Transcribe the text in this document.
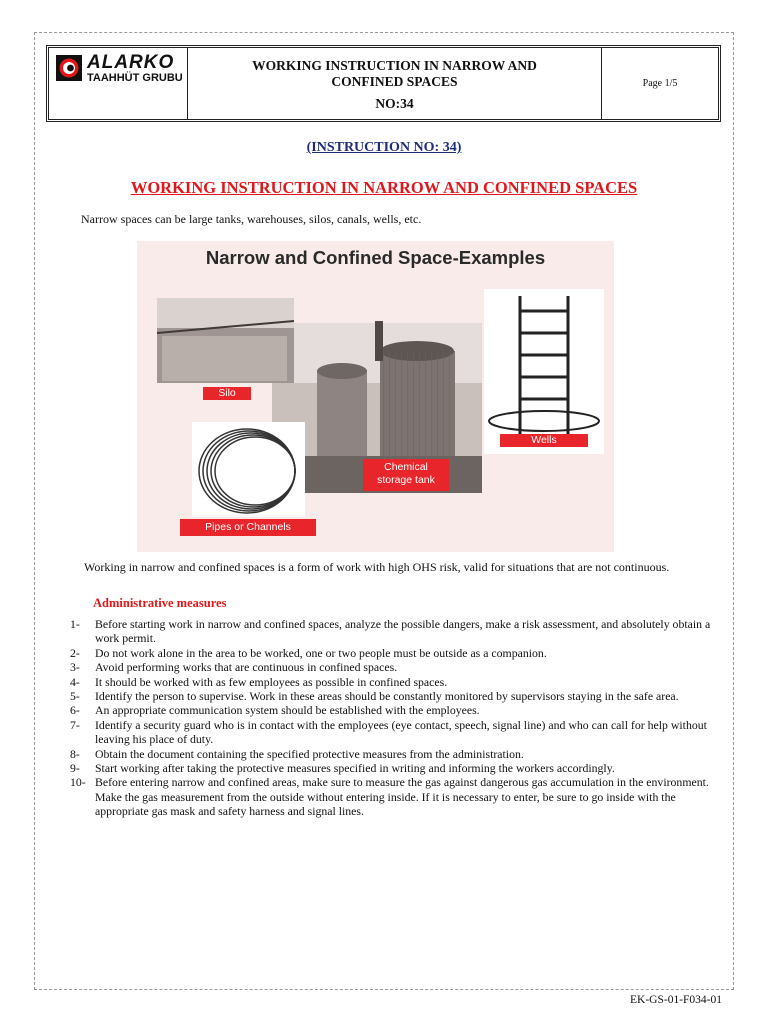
ALARKO
TAAHHÜT GRUBU
WORKING INSTRUCTION IN NARROW AND
CONFINED SPACES
NO:34
Page 1/5
(INSTRUCTION NO: 34)
WORKING INSTRUCTION IN NARROW AND CONFINED SPACES
Narrow spaces can be large tanks, warehouses, silos, canals, wells, etc.
Narrow and Confined Space-Examples
Silo
Wells
Chemical
storage tank
Pipes or Channels
Working in narrow and confined spaces is a form of work with high OHS risk, valid for situations that are not continuous.
Administrative measures
1-	Before starting work in narrow and confined spaces, analyze the possible dangers, make a risk assessment, and absolutely obtain a work permit.
2-	Do not work alone in the area to be worked, one or two people must be outside as a companion.
3-	Avoid performing works that are continuous in confined spaces.
4-	It should be worked with as few employees as possible in confined spaces.
5-	Identify the person to supervise. Work in these areas should be constantly monitored by supervisors staying in the safe area.
6-	An appropriate communication system should be established with the employees.
7-	Identify a security guard who is in contact with the employees (eye contact, speech, signal line) and who can call for help without leaving his place of duty.
8-	Obtain the document containing the specified protective measures from the administration.
9-	Start working after taking the protective measures specified in writing and informing the workers accordingly.
10- Before entering narrow and confined areas, make sure to measure the gas against dangerous gas accumulation in the environment. Make the gas measurement from the outside without entering inside. If it is necessary to enter, be sure to go inside with the appropriate gas mask and safety harness and signal lines.
EK-GS-01-F034-01
